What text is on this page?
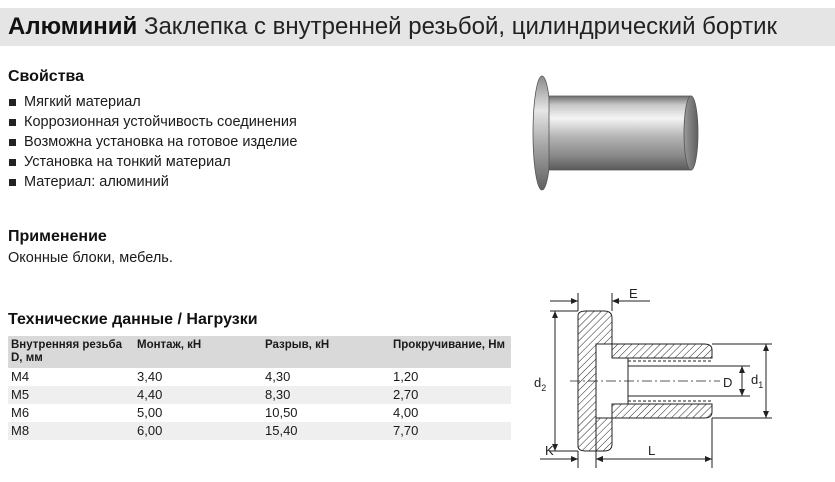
Алюминий Заклепка с внутренней резьбой, цилиндрический бортик
Свойства
Мягкий материал
Коррозионная устойчивость соединения
Возможна установка на готовое изделие
Установка на тонкий материал
Материал: алюминий
Применение
Оконные блоки, мебель.
Технические данные / Нагрузки
Внутренняя резьба D, мм	Монтаж, кН	Разрыв, кН	Прокручивание, Нм
M4	3,40	4,30	1,20
M5	4,40	8,30	2,70
M6	5,00	10,50	4,00
M8	6,00	15,40	7,70
E
$d_2$	D $d_1$
K	L
